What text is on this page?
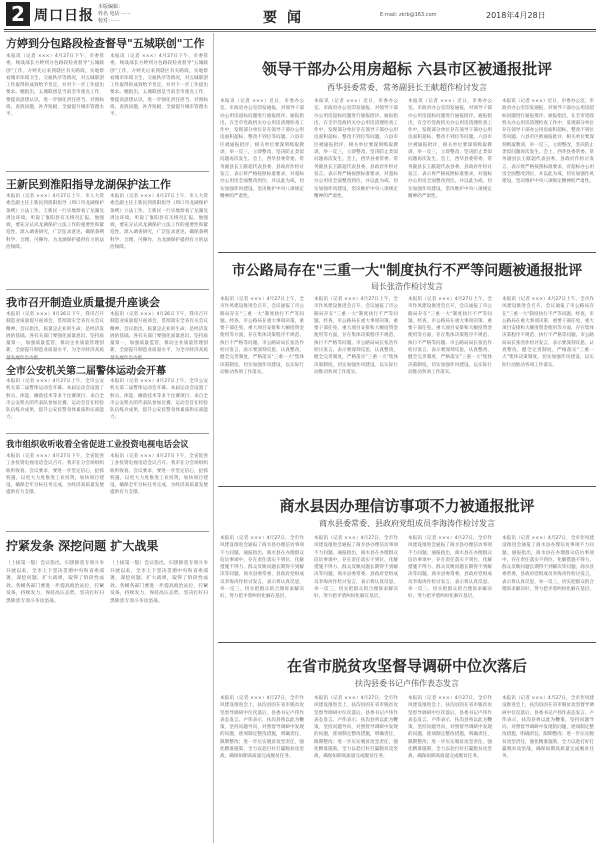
2 周口日报
本版编辑：
姓名 电话 ······
校对：······	要闻	E-mail: zkrb@163.com	2018年4月28日
方婷到分包路段检查督导"五城联创"工作
本报讯（记者 ×××）4月27日下午，市委常委、统战部长方婷到分包路段检查督导"五城联创"工作。方婷先后来到辖区有关路段，实地察看城市环境卫生、交通秩序等情况，对五城联创工作取得的成效给予肯定，并对下一步工作提出要求。她指出，五城联创是当前全市重点工作，要提高思想认识，进一步强化责任担当，对照标准，查找问题，补齐短板，全面提升城市管理水平。
本报讯（记者 ×××）4月27日下午，市委常委、统战部长方婷到分包路段检查督导"五城联创"工作。方婷先后来到辖区有关路段，实地察看城市环境卫生、交通秩序等情况，对五城联创工作取得的成效给予肯定，并对下一步工作提出要求。她指出，五城联创是当前全市重点工作，要提高思想认识，进一步强化责任担当，对照标准，查找问题，补齐短板，全面提升城市管理水平。
王新民到淮阳指导龙湖保护法工作
本报讯（记者 ×××）4月27日上午，市人大常委会副主任王新民到淮阳指导《周口市龙湖保护条例》立法工作。王新民一行实地察看了龙湖及周边环境，听取了淮阳县有关情况汇报。他强调，要充分认识龙湖保护立法工作的重要性和紧迫性，深入调查研究，广泛征求意见，确保条例科学、合理、可操作，为龙湖保护提供有力的法治保障。
本报讯（记者 ×××）4月27日上午，市人大常委会副主任王新民到淮阳指导《周口市龙湖保护条例》立法工作。王新民一行实地察看了龙湖及周边环境，听取了淮阳县有关情况汇报。他强调，要充分认识龙湖保护立法工作的重要性和紧迫性，深入调查研究，广泛征求意见，确保条例科学、合理、可操作，为龙湖保护提供有力的法治保障。
我市召开制造业质量提升座谈会
本报讯（记者 ×××）4月26日下午，我市召开制造业质量提升座谈会，贯彻落实全省有关会议精神。会议指出，质量是企业的生命，是经济发展的基础。各有关部门要强化质量意识，坚持质量第一，加强质量监管，推动企业质量管理创新，全面提升制造业质量水平，为全市经济高质
本报讯（记者 ×××）4月26日下午，我市召开制造业质量提升座谈会，贯彻落实全省有关会议精神。会议指出，质量是企业的生命，是经济发展的基础。各有关部门要强化质量意识，坚持质量第一，加强质量监管，推动企业质量管理创新，全面提升制造业质量水平，为全市经济高质
全市公安机关第二届警体运动会开幕
本报讯（记者 ×××）4月27日上午，全市公安机关第二届警体运动会开幕。本届运动会设置了射击、体能、擒敌技术等多个比赛项目，来自全市公安机关的代表队参加比赛。运动会旨在检验队伍练兵成果，提升公安民警身体素质和实战能力。
本报讯（记者 ×××）4月27日上午，全市公安机关第二届警体运动会开幕。本届运动会设置了射击、体能、擒敌技术等多个比赛项目，来自全市公安机关的代表队参加比赛。运动会旨在检验队伍练兵成果，提升公安民警身体素质和实战能力。
我市组织收听收看全省促进工业投资电视电话会议
本报讯（记者 ×××）4月27日下午，全省促进工业投资电视电话会议召开。我市在分会场组织收听收看。会议要求，要进一步坚定信心，抢抓机遇，以更大力度推进工业投资，加快项目建设，确保全年目标任务完成，为经济高质量发展提供有力支撑。
本报讯（记者 ×××）4月27日下午，全省促进工业投资电视电话会议召开。我市在分会场组织收听收看。会议要求，要进一步坚定信心，抢抓机遇，以更大力度推进工业投资，加快项目建设，确保全年目标任务完成，为经济高质量发展提供有力支撑。
拧紧发条 深挖问题 扩大战果
（上接第一版）会议指出，扫黑除恶专项斗争开展以来，全市上下坚决贯彻中央和省委部署，深挖问题，扩大战果，取得了阶段性成效。各级各部门要进一步提高政治站位，拧紧发条，持续发力，保持高压态势，坚决打好扫黑除恶专项斗争攻坚战。
（上接第一版）会议指出，扫黑除恶专项斗争开展以来，全市上下坚决贯彻中央和省委部署，深挖问题，扩大战果，取得了阶段性成效。各级各部门要进一步提高政治站位，拧紧发条，持续发力，保持高压态势，坚决打好扫黑除恶专项斗争攻坚战。
领导干部办公用房超标 六县市区被通报批评
西华县委常委、常务副县长王献超作检讨发言
本报讯（记者 ×××）近日，市委办公室、市政府办公室印发通报，对领导干部办公用房超标问题进行通报批评。通报指出，在全市党政机关办公用房清理检查工作中，发现部分单位存在领导干部办公用房面积超标、整改不到位等问题。六县市区被通报批评，相关单位要深刻吸取教训，举一反三，立即整改，坚决防止类似问题再次发生。会上，西华县委常委、常务副县长王献超代表县委、县政府作检讨发言，表示将严格按照标准要求，对超标办公用房全面整改到位，并以此为戒，切实加强作风建设，坚决维护中央八项规定精神的严肃性。
本报讯（记者 ×××）近日，市委办公室、市政府办公室印发通报，对领导干部办公用房超标问题进行通报批评。通报指出，在全市党政机关办公用房清理检查工作中，发现部分单位存在领导干部办公用房面积超标、整改不到位等问题。六县市区被通报批评，相关单位要深刻吸取教训，举一反三，立即整改，坚决防止类似问题再次发生。会上，西华县委常委、常务副县长王献超代表县委、县政府作检讨发言，表示将严格按照标准要求，对超标办公用房全面整改到位，并以此为戒，切实加强作风建设，坚决维护中央八项规定精神的严肃性。
本报讯（记者 ×××）近日，市委办公室、市政府办公室印发通报，对领导干部办公用房超标问题进行通报批评。通报指出，在全市党政机关办公用房清理检查工作中，发现部分单位存在领导干部办公用房面积超标、整改不到位等问题。六县市区被通报批评，相关单位要深刻吸取教训，举一反三，立即整改，坚决防止类似问题再次发生。会上，西华县委常委、常务副县长王献超代表县委、县政府作检讨发言，表示将严格按照标准要求，对超标办公用房全面整改到位，并以此为戒，切实加强作风建设，坚决维护中央八项规定精神的严肃性。
本报讯（记者 ×××）近日，市委办公室、市政府办公室印发通报，对领导干部办公用房超标问题进行通报批评。通报指出，在全市党政机关办公用房清理检查工作中，发现部分单位存在领导干部办公用房面积超标、整改不到位等问题。六县市区被通报批评，相关单位要深刻吸取教训，举一反三，立即整改，坚决防止类似问题再次发生。会上，西华县委常委、常务副县长王献超代表县委、县政府作检讨发言，表示将严格按照标准要求，对超标办公用房全面整改到位，并以此为戒，切实加强作风建设，坚决维护中央八项规定精神的严肃性。
市公路局存在"三重一大"制度执行不严等问题被通报批评
局长张浩作检讨发言
本报讯（记者 ×××）4月27日上午，全市作风建设推进会召开，会议通报了市公路局存在"三重一大"制度执行不严等问题。经查，市公路局在重大事项决策、重要干部任免、重大项目安排和大额度资金使用等方面，存在集体决策程序不规范、执行不严格等问题。市公路局局长张浩作检讨发言，表示要深刻反思，认真整改，健全完善制度，严格落实"三重一大"集体决策制度，切实加强作风建设，以实际行动推动各项工作落实。
本报讯（记者 ×××）4月27日上午，全市作风建设推进会召开，会议通报了市公路局存在"三重一大"制度执行不严等问题。经查，市公路局在重大事项决策、重要干部任免、重大项目安排和大额度资金使用等方面，存在集体决策程序不规范、执行不严格等问题。市公路局局长张浩作检讨发言，表示要深刻反思，认真整改，健全完善制度，严格落实"三重一大"集体决策制度，切实加强作风建设，以实际行动推动各项工作落实。
本报讯（记者 ×××）4月27日上午，全市作风建设推进会召开，会议通报了市公路局存在"三重一大"制度执行不严等问题。经查，市公路局在重大事项决策、重要干部任免、重大项目安排和大额度资金使用等方面，存在集体决策程序不规范、执行不严格等问题。市公路局局长张浩作检讨发言，表示要深刻反思，认真整改，健全完善制度，严格落实"三重一大"集体决策制度，切实加强作风建设，以实际行动推动各项工作落实。
本报讯（记者 ×××）4月27日上午，全市作风建设推进会召开，会议通报了市公路局存在"三重一大"制度执行不严等问题。经查，市公路局在重大事项决策、重要干部任免、重大项目安排和大额度资金使用等方面，存在集体决策程序不规范、执行不严格等问题。市公路局局长张浩作检讨发言，表示要深刻反思，认真整改，健全完善制度，严格落实"三重一大"集体决策制度，切实加强作风建设，以实际行动推动各项工作落实。
商水县因办理信访事项不力被通报批评
商水县委常委、县政府党组成员李海涛作检讨发言
本报讯（记者 ×××）4月27日，全市作风建设推进会通报了商水县办理信访事项不力问题。通报指出，商水县在办理群众信访事项中，存在责任落实不到位、化解措施不得力、群众反映问题长期得不到解决等问题。商水县委常委、县政府党组成员李海涛作检讨发言，表示将认真反思，举一反三，切实把群众的合理诉求解决好，努力把矛盾纠纷化解在基层。
本报讯（记者 ×××）4月27日，全市作风建设推进会通报了商水县办理信访事项不力问题。通报指出，商水县在办理群众信访事项中，存在责任落实不到位、化解措施不得力、群众反映问题长期得不到解决等问题。商水县委常委、县政府党组成员李海涛作检讨发言，表示将认真反思，举一反三，切实把群众的合理诉求解决好，努力把矛盾纠纷化解在基层。
本报讯（记者 ×××）4月27日，全市作风建设推进会通报了商水县办理信访事项不力问题。通报指出，商水县在办理群众信访事项中，存在责任落实不到位、化解措施不得力、群众反映问题长期得不到解决等问题。商水县委常委、县政府党组成员李海涛作检讨发言，表示将认真反思，举一反三，切实把群众的合理诉求解决好，努力把矛盾纠纷化解在基层。
本报讯（记者 ×××）4月27日，全市作风建设推进会通报了商水县办理信访事项不力问题。通报指出，商水县在办理群众信访事项中，存在责任落实不到位、化解措施不得力、群众反映问题长期得不到解决等问题。商水县委常委、县政府党组成员李海涛作检讨发言，表示将认真反思，举一反三，切实把群众的合理诉求解决好，努力把矛盾纠纷化解在基层。
在省市脱贫攻坚督导调研中位次落后
扶沟县委书记卢伟作表态发言
本报讯（记者 ×××）4月27日，全市作风建设推进会上，扶沟县因在省市脱贫攻坚督导调研中位次落后，县委书记卢伟作表态发言。卢伟表示，扶沟县将以此为鞭策，坚持问题导向，对照督导调研中发现的问题，逐项制定整改措施，明确责任，限期整改；进一步压实脱贫攻坚责任，强化精准施策，全力以赴打好打赢脱贫攻坚战，确保如期高质量完成脱贫任务。
本报讯（记者 ×××）4月27日，全市作风建设推进会上，扶沟县因在省市脱贫攻坚督导调研中位次落后，县委书记卢伟作表态发言。卢伟表示，扶沟县将以此为鞭策，坚持问题导向，对照督导调研中发现的问题，逐项制定整改措施，明确责任，限期整改；进一步压实脱贫攻坚责任，强化精准施策，全力以赴打好打赢脱贫攻坚战，确保如期高质量完成脱贫任务。
本报讯（记者 ×××）4月27日，全市作风建设推进会上，扶沟县因在省市脱贫攻坚督导调研中位次落后，县委书记卢伟作表态发言。卢伟表示，扶沟县将以此为鞭策，坚持问题导向，对照督导调研中发现的问题，逐项制定整改措施，明确责任，限期整改；进一步压实脱贫攻坚责任，强化精准施策，全力以赴打好打赢脱贫攻坚战，确保如期高质量完成脱贫任务。
本报讯（记者 ×××）4月27日，全市作风建设推进会上，扶沟县因在省市脱贫攻坚督导调研中位次落后，县委书记卢伟作表态发言。卢伟表示，扶沟县将以此为鞭策，坚持问题导向，对照督导调研中发现的问题，逐项制定整改措施，明确责任，限期整改；进一步压实脱贫攻坚责任，强化精准施策，全力以赴打好打赢脱贫攻坚战，确保如期高质量完成脱贫任务。
